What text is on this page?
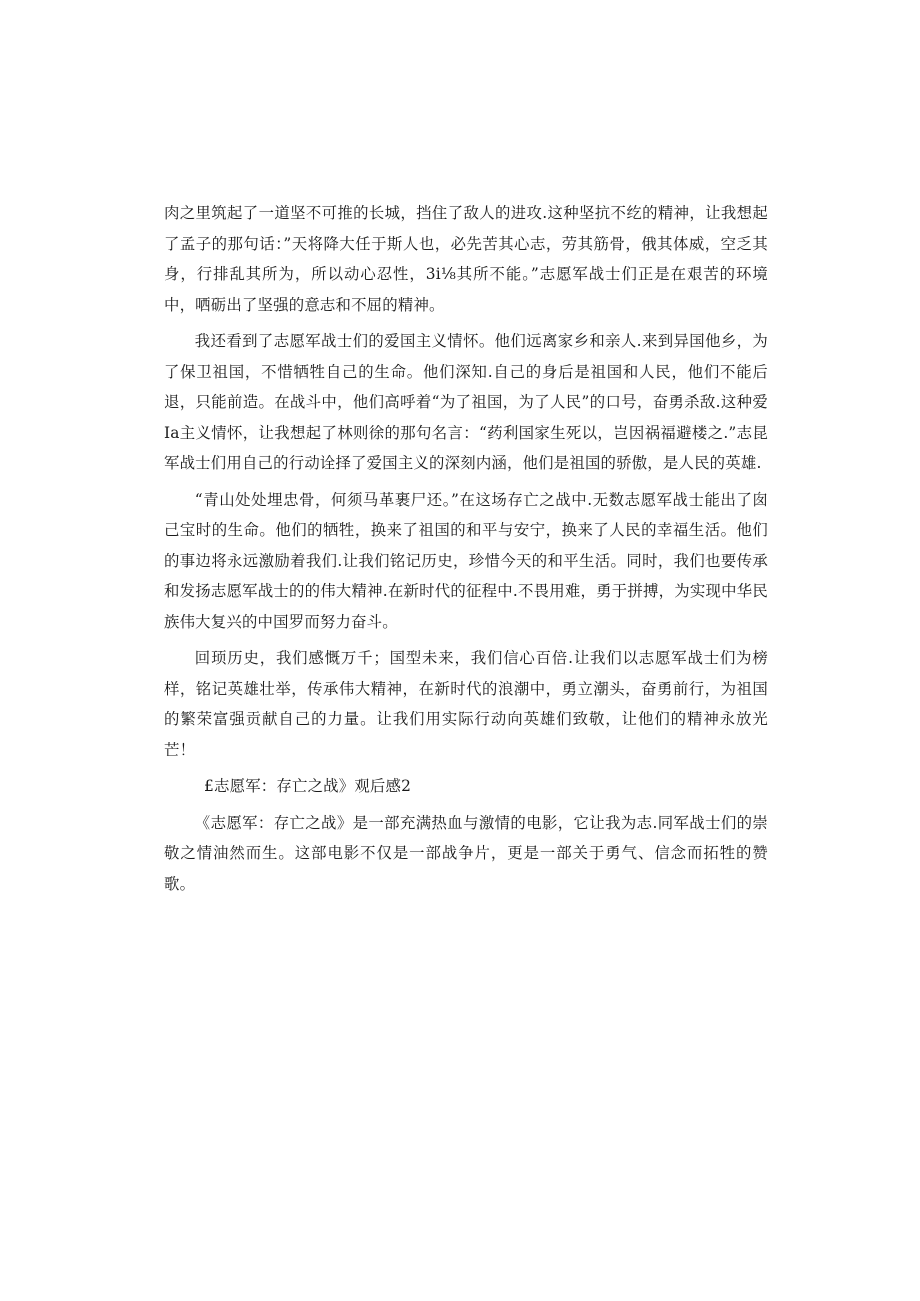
肉之里筑起了一道坚不可推的长城，挡住了敌人的进攻.这种坚抗不纥的精神，让我想起了孟子的那句话：”天将降大任于斯人也，必先苦其心志，劳其筋骨，俄其体威，空乏其身，行排乱其所为，所以动心忍性，3i⅛其所不能。”志愿军战士们正是在艰苦的环境中，哂砺出了坚强的意志和不屈的精神。

我还看到了志愿军战士们的爱国主义情怀。他们远离家乡和亲人.来到异国他乡，为了保卫祖国，不惜牺牲自己的生命。他们深知.自己的身后是祖国和人民，他们不能后退，只能前造。在战斗中，他们高呼着“为了祖国，为了人民”的口号，奋勇杀敌.这种爱Ia主义情怀，让我想起了林则徐的那句名言：“药利国家生死以，岂因祸福避楼之.”志昆军战士们用自己的行动诠择了爱国主义的深刻内涵，他们是祖国的骄傲，是人民的英雄.

“青山处处埋忠骨，何须马革裹尸还。”在这场存亡之战中.无数志愿军战士能出了囱己宝时的生命。他们的牺牲，换来了祖国的和平与安宁，换来了人民的幸福生活。他们的事边将永远激励着我们.让我们铭记历史，珍惜今天的和平生活。同时，我们也要传承和发扬志愿军战士的的伟大精神.在新时代的征程中.不畏用难，勇于拼搏，为实现中华民族伟大复兴的中国罗而努力奋斗。

回顼历史，我们感慨万千；国型未来，我们信心百倍.让我们以志愿军战士们为榜样，铭记英雄壮举，传承伟大精神，在新时代的浪潮中，勇立潮头，奋勇前行，为祖国的繁荣富强贡献自己的力量。让我们用实际行动向英雄们致敬，让他们的精神永放光芒！

£志愿军：存亡之战》观后感2

《志愿军：存亡之战》是一部充满热血与激情的电影，它让我为志.同军战士们的崇敬之情油然而生。这部电影不仅是一部战争片，更是一部关于勇气、信念而拓牲的赞歌。
